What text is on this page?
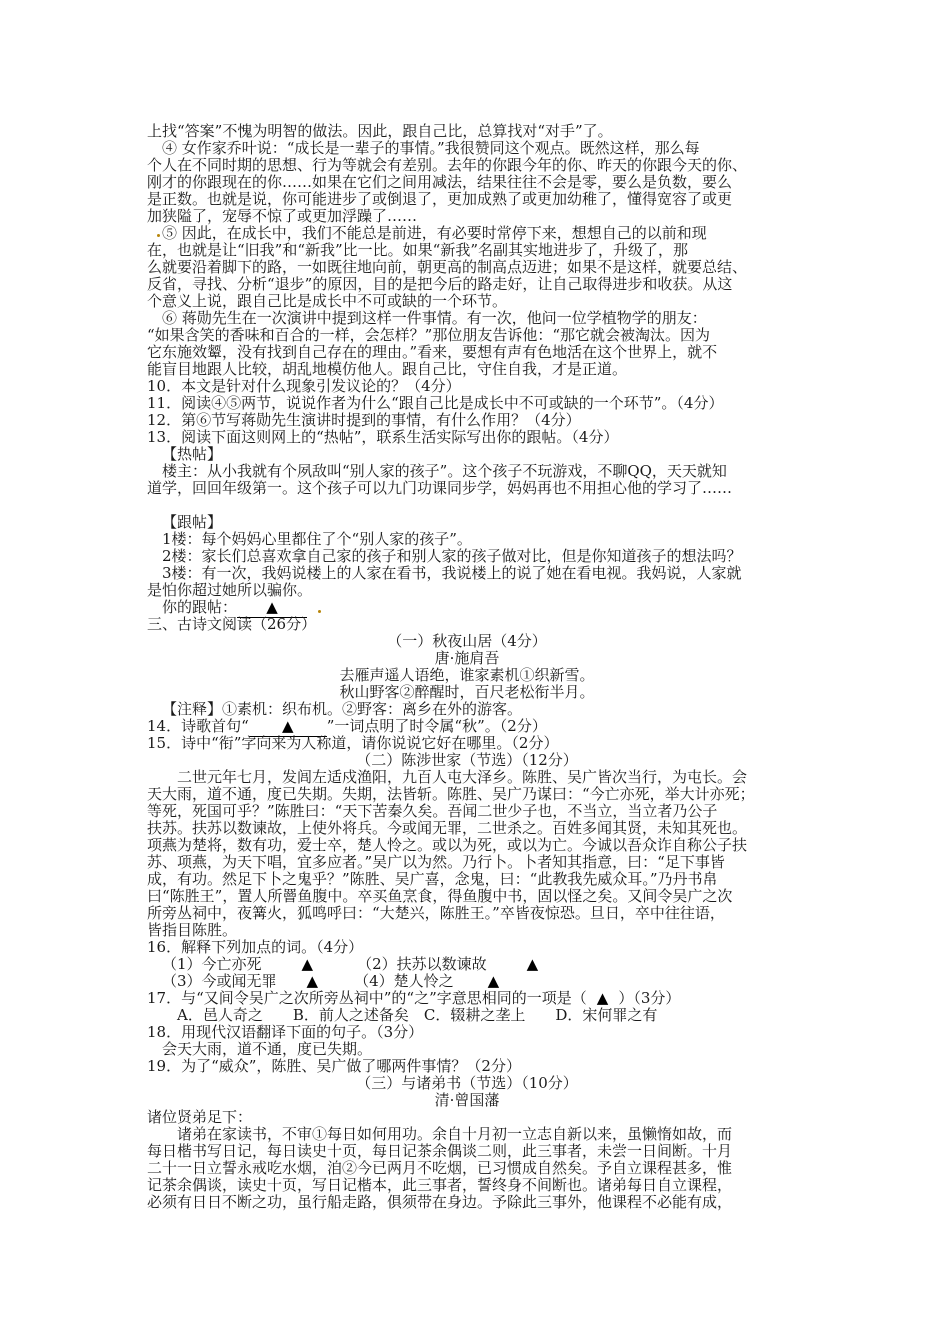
上找“答案”不愧为明智的做法。因此，跟自己比，总算找对“对手”了。
④ 女作家乔叶说：“成长是一辈子的事情。”我很赞同这个观点。既然这样，那么每
个人在不同时期的思想、行为等就会有差别。去年的你跟今年的你、昨天的你跟今天的你、
刚才的你跟现在的你……如果在它们之间用减法，结果往往不会是零，要么是负数，要么
是正数。也就是说，你可能进步了或倒退了，更加成熟了或更加幼稚了，懂得宽容了或更
加狭隘了，宠辱不惊了或更加浮躁了……
⑤ 因此，在成长中，我们不能总是前进，有必要时常停下来，想想自己的以前和现
在，也就是让“旧我”和“新我”比一比。如果“新我”名副其实地进步了，升级了，那
么就要沿着脚下的路，一如既往地向前，朝更高的制高点迈进；如果不是这样，就要总结、
反省，寻找、分析“退步”的原因，目的是把今后的路走好，让自己取得进步和收获。从这
个意义上说，跟自己比是成长中不可或缺的一个环节。
⑥ 蒋勋先生在一次演讲中提到这样一件事情。有一次，他问一位学植物学的朋友：
“如果含笑的香味和百合的一样，会怎样？”那位朋友告诉他：“那它就会被淘汰。因为
它东施效颦，没有找到自己存在的理由。”看来，要想有声有色地活在这个世界上，就不
能盲目地跟人比较，胡乱地模仿他人。跟自己比，守住自我，才是正道。
10．本文是针对什么现象引发议论的？（4分）
11．阅读④⑤两节，说说作者为什么“跟自己比是成长中不可或缺的一个环节”。（4分）
12．第⑥节写蒋勋先生演讲时提到的事情，有什么作用？（4分）
13．阅读下面这则网上的“热帖”，联系生活实际写出你的跟帖。（4分）
【热帖】
楼主：从小我就有个夙敌叫“别人家的孩子”。这个孩子不玩游戏，不聊QQ，天天就知
道学，回回年级第一。这个孩子可以九门功课同步学，妈妈再也不用担心他的学习了……
【跟帖】
1楼：每个妈妈心里都住了个“别人家的孩子”。
2楼：家长们总喜欢拿自己家的孩子和别人家的孩子做对比，但是你知道孩子的想法吗？
3楼：有一次，我妈说楼上的人家在看书，我说楼上的说了她在看电视。我妈说，人家就
是怕你超过她所以骗你。
你的跟帖： ▲
三、古诗文阅读（26分）
（一）秋夜山居（4分）
唐·施肩吾
去雁声遥人语绝，谁家素机①织新雪。
秋山野客②醉醒时，百尺老松衔半月。
【注释】①素机：织布机。②野客：离乡在外的游客。
14．诗歌首句“ ▲ ”一词点明了时令属“秋”。（2分）
15．诗中“衔”字向来为人称道，请你说说它好在哪里。（2分）
（二）陈涉世家（节选）（12分）
二世元年七月，发闾左适戍渔阳，九百人屯大泽乡。陈胜、吴广皆次当行，为屯长。会
天大雨，道不通，度已失期。失期，法皆斩。陈胜、吴广乃谋曰：“今亡亦死，举大计亦死；
等死，死国可乎？”陈胜曰：“天下苦秦久矣。吾闻二世少子也，不当立，当立者乃公子
扶苏。扶苏以数谏故，上使外将兵。今或闻无罪，二世杀之。百姓多闻其贤，未知其死也。
项燕为楚将，数有功，爱士卒，楚人怜之。或以为死，或以为亡。今诚以吾众诈自称公子扶
苏、项燕，为天下唱，宜多应者。”吴广以为然。乃行卜。卜者知其指意，曰：“足下事皆
成，有功。然足下卜之鬼乎？”陈胜、吴广喜，念鬼，曰：“此教我先威众耳。”乃丹书帛
曰“陈胜王”，置人所罾鱼腹中。卒买鱼烹食，得鱼腹中书，固以怪之矣。又间令吴广之次
所旁丛祠中，夜篝火，狐鸣呼曰：“大楚兴，陈胜王。”卒皆夜惊恐。旦日，卒中往往语，
皆指目陈胜。
16．解释下列加点的词。（4分）
（1）今亡亦死	▲	（2）扶苏以数谏故	▲
（3）今或闻无罪 ▲ （4）楚人怜之 ▲
17．与“又间令吴广之次所旁丛祠中”的“之”字意思相同的一项是（ ▲ ）（3分）
A．邑人奇之　　B．前人之述备矣　C．辍耕之垄上　　D．宋何罪之有
18．用现代汉语翻译下面的句子。（3分）
会天大雨，道不通，度已失期。
19．为了“威众”，陈胜、吴广做了哪两件事情？（2分）
（三）与诸弟书（节选）（10分）
清·曾国藩
诸位贤弟足下：
诸弟在家读书，不审①每日如何用功。余自十月初一立志自新以来，虽懒惰如故，而
每日楷书写日记，每日读史十页，每日记茶余偶谈二则，此三事者，未尝一日间断。十月
二十一日立誓永戒吃水烟，洎②今已两月不吃烟，已习惯成自然矣。予自立课程甚多，惟
记茶余偶谈，读史十页，写日记楷本，此三事者，誓终身不间断也。诸弟每日自立课程，
必须有日日不断之功，虽行船走路，俱须带在身边。予除此三事外，他课程不必能有成，
